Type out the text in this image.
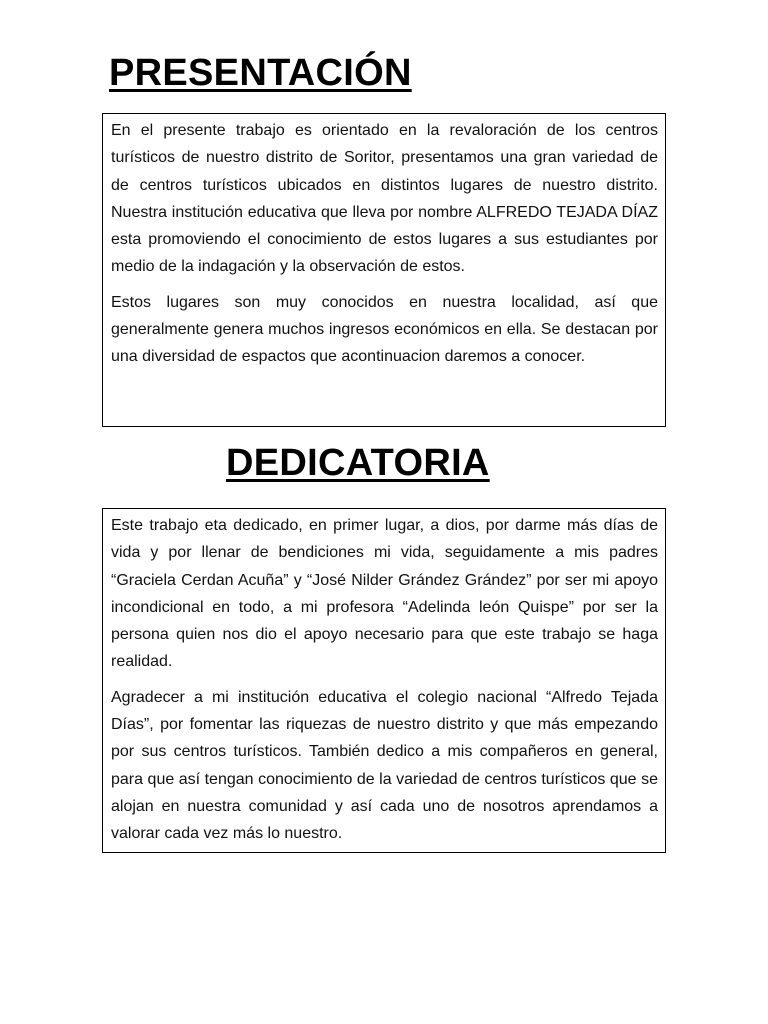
PRESENTACIÓN

En el presente trabajo es orientado en la revaloración de los centros turísticos de nuestro distrito de Soritor, presentamos una gran variedad de de centros turísticos ubicados en distintos lugares de nuestro distrito. Nuestra institución educativa que lleva por nombre ALFREDO TEJADA DÍAZ esta promoviendo el conocimiento de estos lugares a sus estudiantes por medio de la indagación y la observación de estos.

Estos lugares son muy conocidos en nuestra localidad, así que generalmente genera muchos ingresos económicos en ella. Se destacan por una diversidad de espactos que acontinuacion daremos a conocer.

DEDICATORIA

Este trabajo eta dedicado, en primer lugar, a dios, por darme más días de vida y por llenar de bendiciones mi vida, seguidamente a mis padres “Graciela Cerdan Acuña” y “José Nilder Grández Grández” por ser mi apoyo incondicional en todo, a mi profesora “Adelinda león Quispe” por ser la persona quien nos dio el apoyo necesario para que este trabajo se haga realidad.

Agradecer a mi institución educativa el colegio nacional “Alfredo Tejada Días”, por fomentar las riquezas de nuestro distrito y que más empezando por sus centros turísticos. También dedico a mis compañeros en general, para que así tengan conocimiento de la variedad de centros turísticos que se alojan en nuestra comunidad y así cada uno de nosotros aprendamos a valorar cada vez más lo nuestro.
